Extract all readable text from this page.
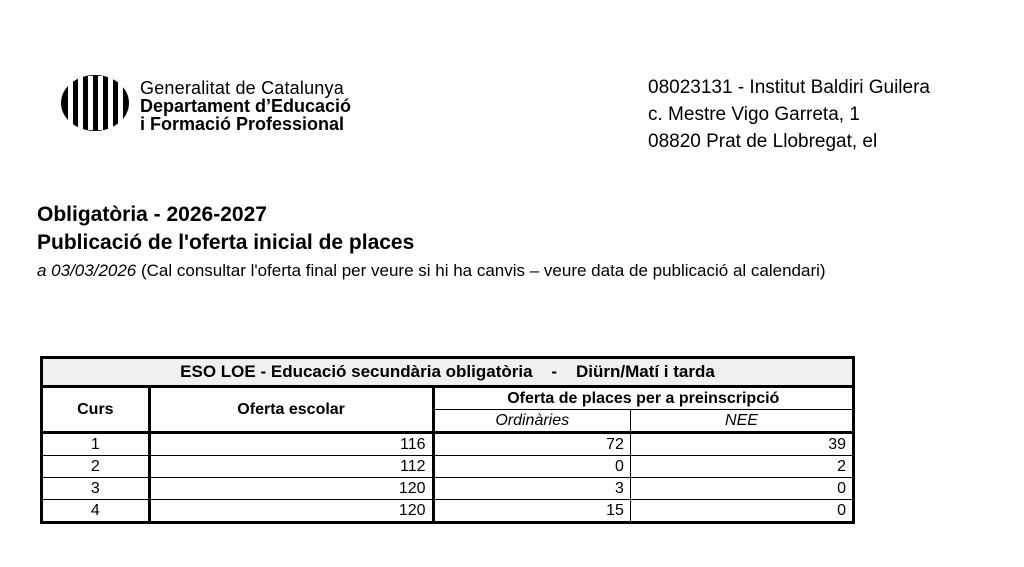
Generalitat de Catalunya
Departament d’Educació
i Formació Professional
08023131 - Institut Baldiri Guilera
c. Mestre Vigo Garreta, 1
08820 Prat de Llobregat, el
Obligatòria - 2026-2027
Publicació de l'oferta inicial de places
a 03/03/2026 (Cal consultar l'oferta final per veure si hi ha canvis – veure data de publicació al calendari)
ESO LOE - Educació secundària obligatòria    -    Diürn/Matí i tarda			
Curs	Oferta escolar	Oferta de places per a preinscripció	
		Ordinàries	NEE
1	116	72	39
2	112	0	2
3	120	3	0
4	120	15	0
